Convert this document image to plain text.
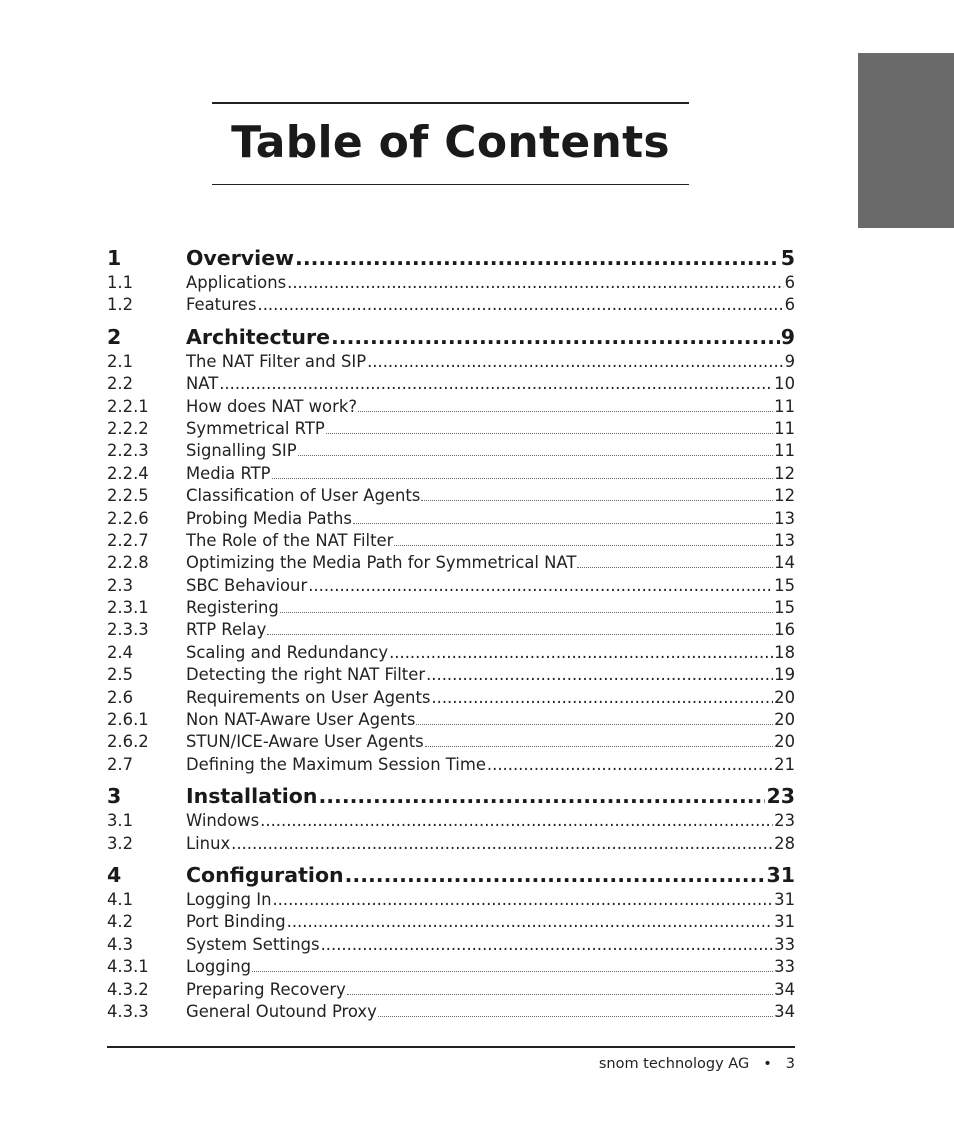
Table of Contents
1	Overview .....	5
1.1	Applications .....	6
1.2	Features .....	6
2	Architecture .....	9
2.1	The NAT Filter and SIP .....	9
2.2	NAT .....	10
2.2.1	How does NAT work?	11
2.2.2	Symmetrical RTP	11
2.2.3	Signalling SIP	11
2.2.4	Media RTP	12
2.2.5	Classification of User Agents	12
2.2.6	Probing Media Paths	13
2.2.7	The Role of the NAT Filter	13
2.2.8	Optimizing the Media Path for Symmetrical NAT	14
2.3	SBC Behaviour .....	15
2.3.1	Registering	15
2.3.3	RTP Relay	16
2.4	Scaling and Redundancy .....	18
2.5	Detecting the right NAT Filter .....	19
2.6	Requirements on User Agents .....	20
2.6.1	Non NAT-Aware User Agents	20
2.6.2	STUN/ICE-Aware User Agents	20
2.7	Defining the Maximum Session Time .....	21
3	Installation .....	23
3.1	Windows .....	23
3.2	Linux .....	28
4	Configuration .....	31
4.1	Logging In .....	31
4.2	Port Binding .....	31
4.3	System Settings .....	33
4.3.1	Logging	33
4.3.2	Preparing Recovery	34
4.3.3	General Outound Proxy	34
snom technology AG • 3
